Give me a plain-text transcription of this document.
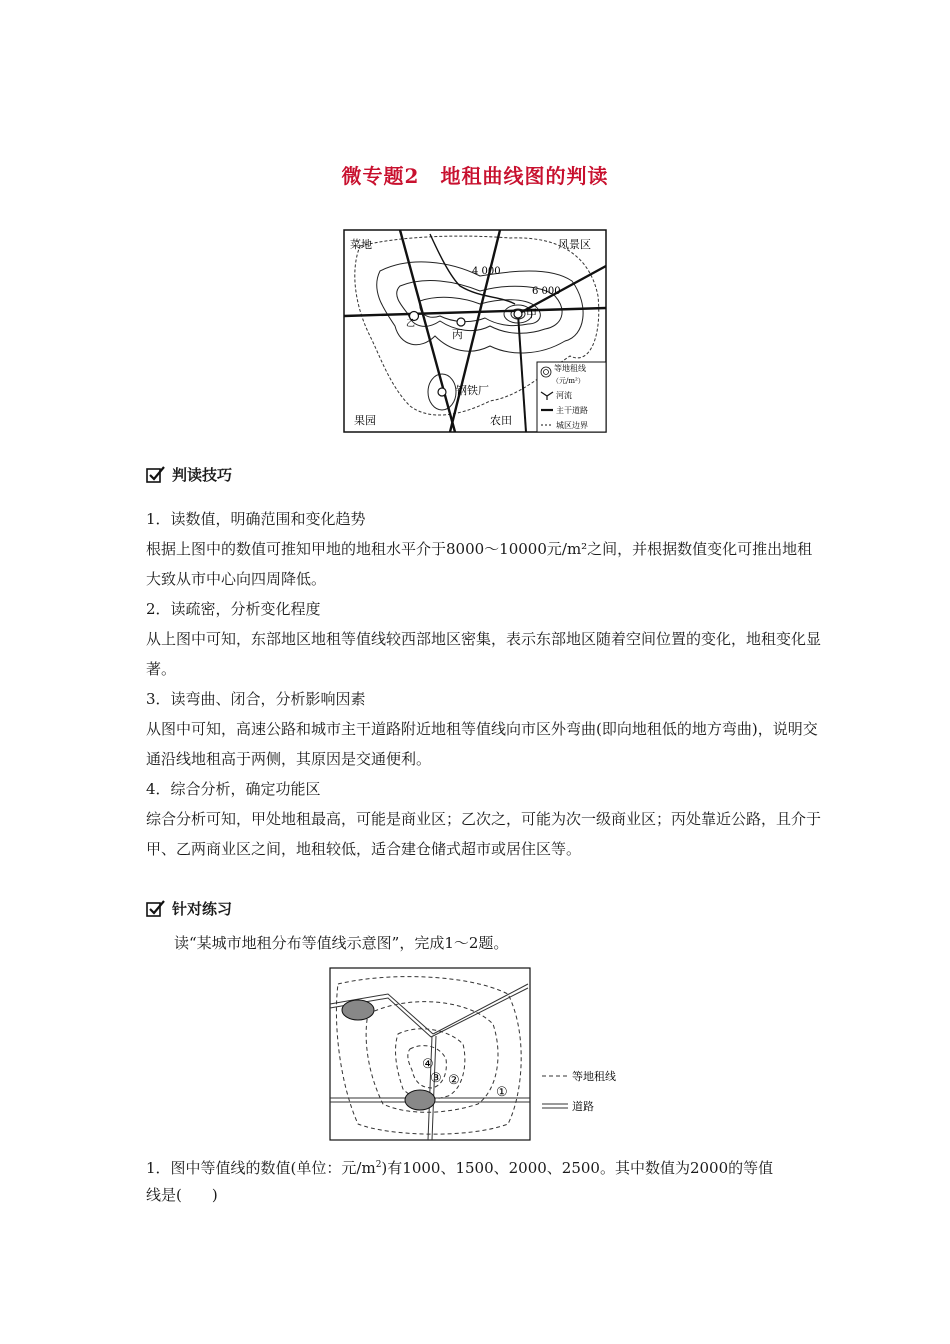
微专题2　地租曲线图的判读
菜地	风景区
4 000
6 000
甲
乙
丙
钢铁厂
果园	农田
等地租线
（元/m²）
河流
主干道路
城区边界
判读技巧
1．读数值，明确范围和变化趋势
根据上图中的数值可推知甲地的地租水平介于8000～10000元/m²之间，并根据数值变化可推出地租大致从市中心向四周降低。
2．读疏密，分析变化程度
从上图中可知，东部地区地租等值线较西部地区密集，表示东部地区随着空间位置的变化，地租变化显著。
3．读弯曲、闭合，分析影响因素
从图中可知，高速公路和城市主干道路附近地租等值线向市区外弯曲(即向地租低的地方弯曲)，说明交通沿线地租高于两侧，其原因是交通便利。
4．综合分析，确定功能区
综合分析可知，甲处地租最高，可能是商业区；乙次之，可能为次一级商业区；丙处靠近公路，且介于甲、乙两商业区之间，地租较低，适合建仓储式超市或居住区等。
针对练习
读“某城市地租分布等值线示意图”，完成1～2题。
④
③ ②
①
等地租线
道路
1．图中等值线的数值(单位：元$/m^2$)有1000、1500、2000、2500。其中数值为2000的等值
线是(　　)
